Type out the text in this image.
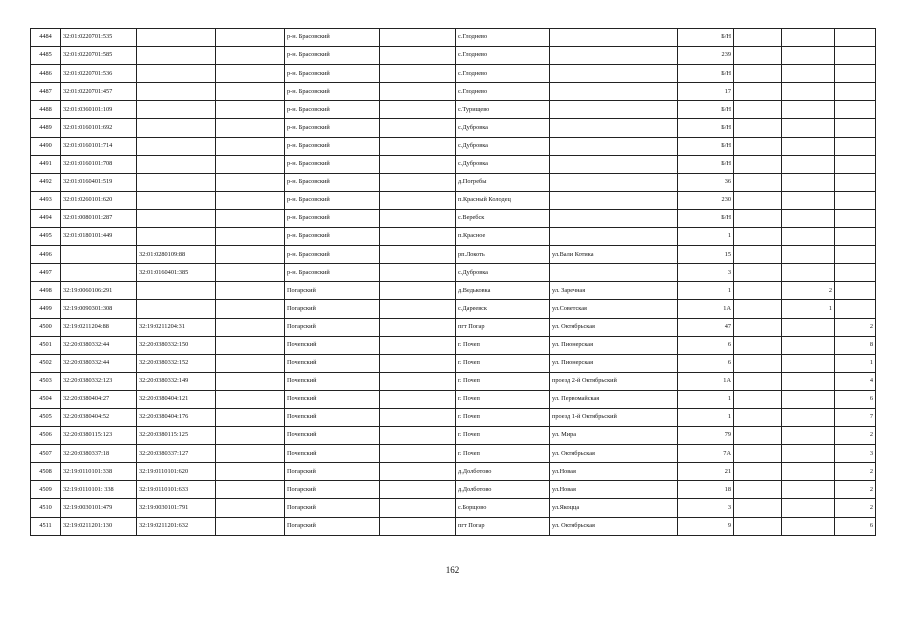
4484	32:01:0220701:535			р-н. Брасовский		с.Глоднево		Б/Н			
4485	32:01:0220701:585			р-н. Брасовский		с.Глоднево		239			
4486	32:01:0220701:536			р-н. Брасовский		с.Глоднево		Б/Н			
4487	32:01:0220701:457			р-н. Брасовский		с.Глоднево		17			
4488	32:01:0360101:109			р-н. Брасовский		с.Турищево		Б/Н			
4489	32:01:0160101:692			р-н. Брасовский		с.Дубровка		Б/Н			
4490	32:01:0160101:714			р-н. Брасовский		с.Дубровка		Б/Н			
4491	32:01:0160101:708			р-н. Брасовский		с.Дубровка		Б/Н			
4492	32:01:0160401:519			р-н. Брасовский		д.Погребы		36			
4493	32:01:0260101:620			р-н. Брасовский		п.Красный Колодец		230			
4494	32:01:0080101:287			р-н. Брасовский		с.Веребск		Б/Н			
4495	32:01:0180101:449			р-н. Брасовский		п.Красное		1			
4496		32:01:0280109:88		р-н. Брасовский		рп.Локоть	ул.Вали Котика	15			
4497		32:01:0160401:385		р-н. Брасовский		с.Дубровка		3			
4498	32:19:0060106:291			Погарский		д.Ведьковка	ул. Заречная	1		2	
4499	32:19:0090301:308			Погарский		с.Дареевск	ул.Советская	1А		1	
4500	32:19:0211204:88	32:19:0211204:31		Погарский		пгт Погар	ул. Октябрьская	47			2
4501	32:20:0380332:44	32:20:0380332:150		Почепский		г. Почеп	ул. Пионерская	6			8
4502	32:20:0380332:44	32:20:0380332:152		Почепский		г. Почеп	ул. Пионерская	6			1
4503	32:20:0380332:123	32:20:0380332:149		Почепский		г. Почеп	проезд 2-й Октябрьский	1А			4
4504	32:20:0380404:27	32:20:0380404:121		Почепский		г. Почеп	ул. Первомайская	1			6
4505	32:20:0380404:52	32:20:0380404:176		Почепский		г. Почеп	проезд 1-й Октябрьский	1			7
4506	32:20:0380115:123	32:20:0380115:125		Почепский		г. Почеп	ул. Мира	79			2
4507	32:20:0380337:18	32:20:0380337:127		Почепский		г. Почеп	ул. Октябрьская	7А			3
4508	32:19:0110101:338	32:19:0110101:620		Погарский		д.Долботово	ул.Новая	21			2
4509	32:19:0110101: 338	32:19:0110101:633		Погарский		д.Долботово	ул.Новая	18			2
4510	32:19:0030101:479	32:19:0030101:791		Погарский		с.Борщово	ул.Якоцца	3			2
4511	32:19:0211201:130	32:19:0211201:632		Погарский		пгт Погар	ул. Октябрьская	9			6
162
